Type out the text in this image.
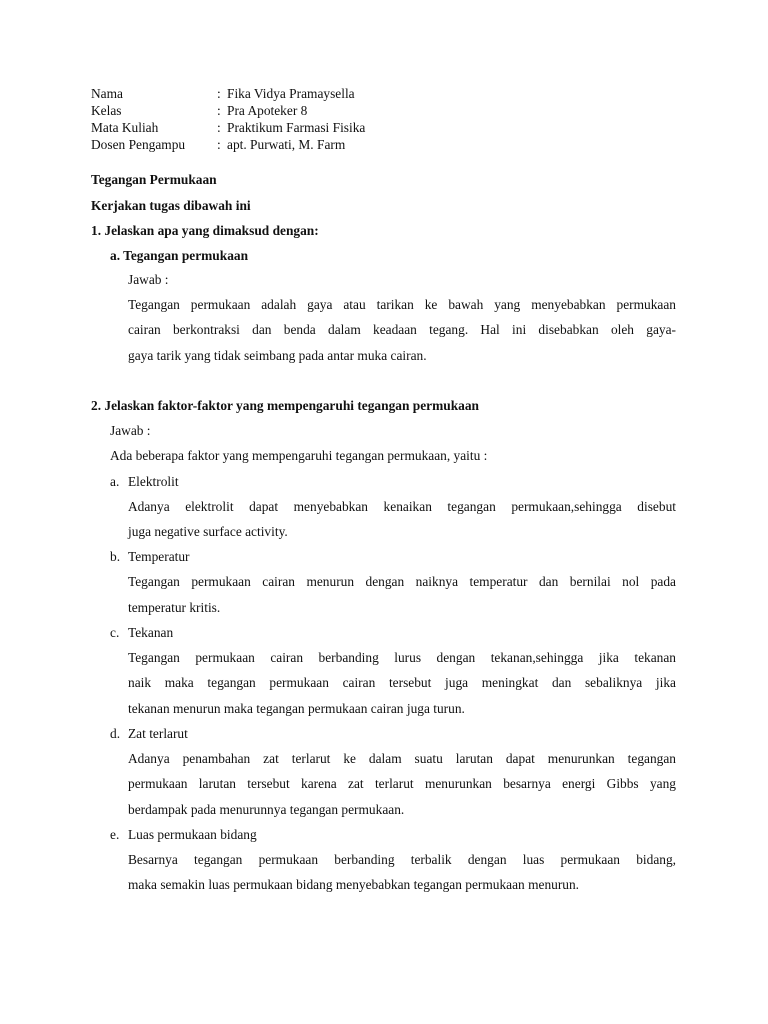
Nama	: Fika Vidya Pramaysella
Kelas	: Pra Apoteker 8
Mata Kuliah	: Praktikum Farmasi Fisika
Dosen Pengampu : apt. Purwati, M. Farm
Tegangan Permukaan
Kerjakan tugas dibawah ini
1. Jelaskan apa yang dimaksud dengan:
a. Tegangan permukaan
Jawab :
Tegangan permukaan adalah gaya atau tarikan ke bawah yang menyebabkan permukaan
cairan berkontraksi dan benda dalam keadaan tegang. Hal ini disebabkan oleh gaya-
gaya tarik yang tidak seimbang pada antar muka cairan.
2. Jelaskan faktor-faktor yang mempengaruhi tegangan permukaan
Jawab :
Ada beberapa faktor yang mempengaruhi tegangan permukaan, yaitu :
a. Elektrolit
Adanya elektrolit dapat menyebabkan kenaikan tegangan permukaan,sehingga disebut
juga negative surface activity.
b. Temperatur
Tegangan permukaan cairan menurun dengan naiknya temperatur dan bernilai nol pada
temperatur kritis.
c. Tekanan
Tegangan permukaan cairan berbanding lurus dengan tekanan,sehingga jika tekanan
naik maka tegangan permukaan cairan tersebut juga meningkat dan sebaliknya jika
tekanan menurun maka tegangan permukaan cairan juga turun.
d. Zat terlarut
Adanya penambahan zat terlarut ke dalam suatu larutan dapat menurunkan tegangan
permukaan larutan tersebut karena zat terlarut menurunkan besarnya energi Gibbs yang
berdampak pada menurunnya tegangan permukaan.
e. Luas permukaan bidang
Besarnya tegangan permukaan berbanding terbalik dengan luas permukaan bidang,
maka semakin luas permukaan bidang menyebabkan tegangan permukaan menurun.
